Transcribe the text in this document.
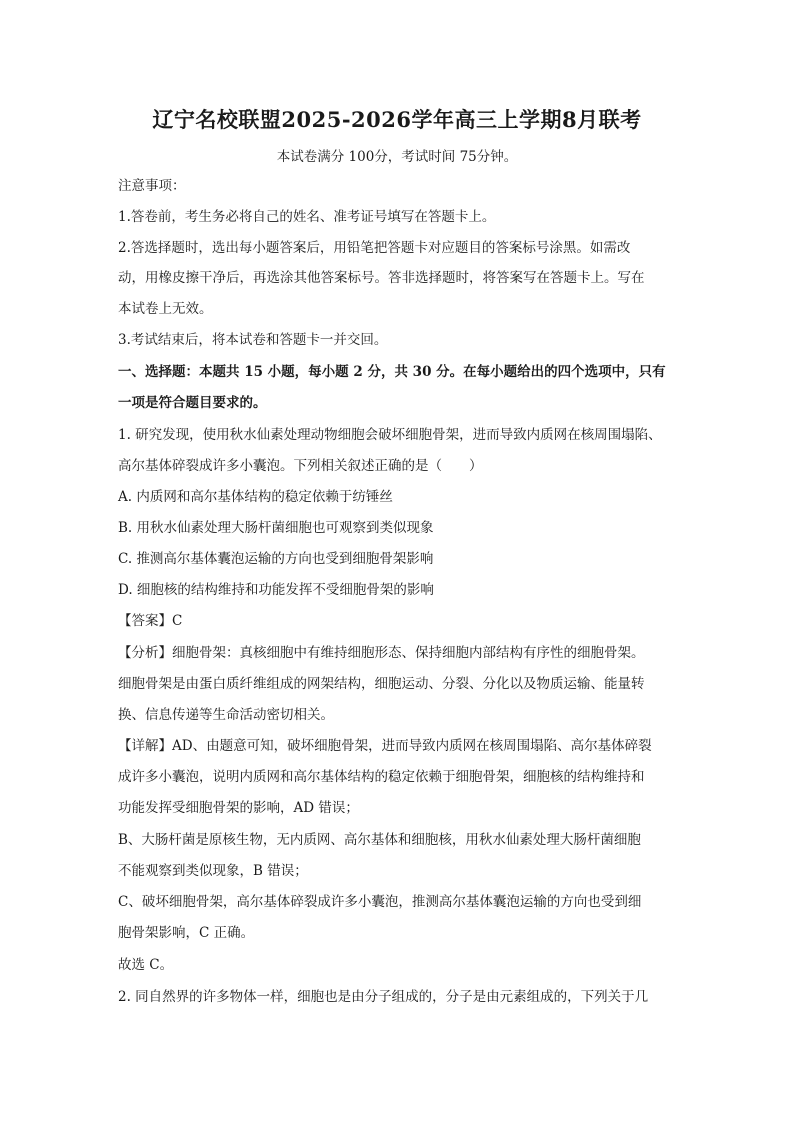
辽宁名校联盟2025-2026学年高三上学期8月联考
本试卷满分 100分，考试时间 75分钟。
注意事项：
1.答卷前，考生务必将自己的姓名、准考证号填写在答题卡上。
2.答选择题时，选出每小题答案后，用铅笔把答题卡对应题目的答案标号涂黑。如需改
动，用橡皮擦干净后，再选涂其他答案标号。答非选择题时，将答案写在答题卡上。写在
本试卷上无效。
3.考试结束后，将本试卷和答题卡一并交回。
一、选择题：本题共 15 小题，每小题 2 分，共 30 分。在每小题给出的四个选项中，只有
一项是符合题目要求的。
1. 研究发现，使用秋水仙素处理动物细胞会破坏细胞骨架，进而导致内质网在核周围塌陷、
高尔基体碎裂成许多小囊泡。下列相关叙述正确的是（　　）
A. 内质网和高尔基体结构的稳定依赖于纺锤丝
B. 用秋水仙素处理大肠杆菌细胞也可观察到类似现象
C. 推测高尔基体囊泡运输的方向也受到细胞骨架影响
D. 细胞核的结构维持和功能发挥不受细胞骨架的影响
【答案】C
【分析】细胞骨架：真核细胞中有维持细胞形态、保持细胞内部结构有序性的细胞骨架。
细胞骨架是由蛋白质纤维组成的网架结构，细胞运动、分裂、分化以及物质运输、能量转
换、信息传递等生命活动密切相关。
【详解】AD、由题意可知，破坏细胞骨架，进而导致内质网在核周围塌陷、高尔基体碎裂
成许多小囊泡，说明内质网和高尔基体结构的稳定依赖于细胞骨架，细胞核的结构维持和
功能发挥受细胞骨架的影响，AD 错误；
B、大肠杆菌是原核生物，无内质网、高尔基体和细胞核，用秋水仙素处理大肠杆菌细胞
不能观察到类似现象，B 错误；
C、破坏细胞骨架，高尔基体碎裂成许多小囊泡，推测高尔基体囊泡运输的方向也受到细
胞骨架影响，C 正确。
故选 C。
2. 同自然界的许多物体一样，细胞也是由分子组成的，分子是由元素组成的，下列关于几
